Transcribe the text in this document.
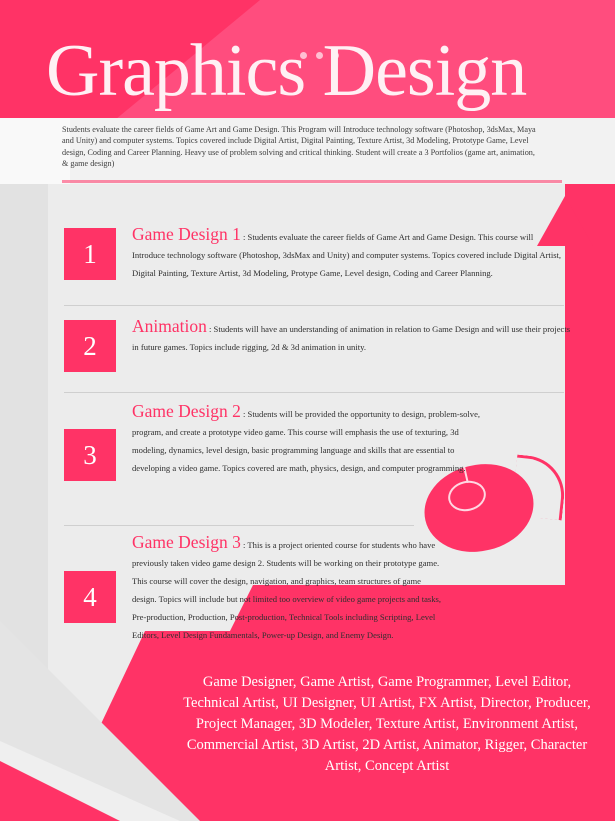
Graphics Design
Students evaluate the career fields of Game Art and Game Design. This Program will Introduce technology software (Photoshop, 3dsMax, Maya and Unity) and computer systems. Topics covered include Digital Artist, Digital Painting, Texture Artist, 3d Modeling, Prototype Game, Level design, Coding and Career Planning. Heavy use of problem solving and critical thinking. Student will create a 3 Portfolios (game art, animation, & game design)
1
Game Design 1 : Students evaluate the career fields of Game Art and Game Design. This course will Introduce technology software (Photoshop, 3dsMax and Unity) and computer systems. Topics covered include Digital Artist, Digital Painting, Texture Artist, 3d Modeling, Protype Game, Level design, Coding and Career Planning.
2
Animation : Students will have an understanding of animation in relation to Game Design and will use their projects in future games. Topics include rigging, 2d & 3d animation in unity.
3
Game Design 2 : Students will be provided the opportunity to design, problem-solve, program, and create a prototype video game. This course will emphasis the use of texturing, 3d modeling, dynamics, level design, basic programming language and skills that are essential to developing a video game. Topics covered are math, physics, design, and computer programming.
4
Game Design 3 : This is a project oriented course for students who have previously taken video game design 2. Students will be working on their prototype game. This course will cover the design, navigation, and graphics, team structures of game design. Topics will include but not limited too overview of video game projects and tasks, Pre-production, Production, Post-production, Technical Tools including Scripting, Level Editors, Level Design Fundamentals, Power-up Design, and Enemy Design.
Game Designer, Game Artist, Game Programmer, Level Editor, Technical Artist, UI Designer, UI Artist, FX Artist, Director, Producer, Project Manager, 3D Modeler, Texture Artist, Environment Artist, Commercial Artist, 3D Artist, 2D Artist, Animator, Rigger, Character Artist, Concept Artist
